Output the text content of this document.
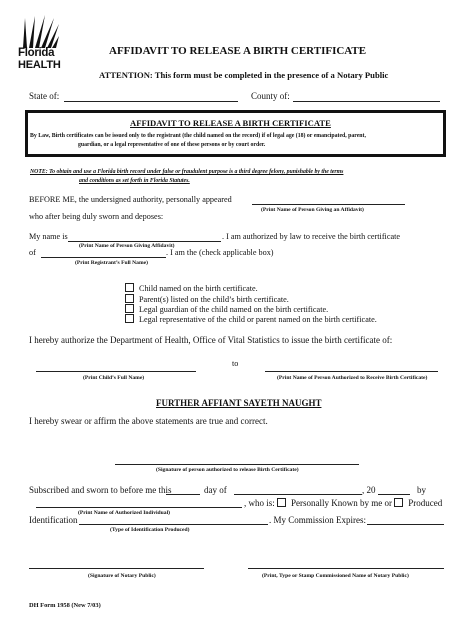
Florida
HEALTH
AFFIDAVIT TO RELEASE A BIRTH CERTIFICATE
ATTENTION: This form must be completed in the presence of a Notary Public
State of:	County of:
AFFIDAVIT TO RELEASE A BIRTH CERTIFICATE
By Law, Birth certificates can be issued only to the registrant (the child named on the record) if of legal age (18) or emancipated, parent,
guardian, or a legal representative of one of these persons or by court order.
NOTE: To obtain and use a Florida birth record under false or fraudulent purpose is a third degree felony, punishable by the terms
and conditions as set forth in Florida Statutes.
BEFORE ME, the undersigned authority, personally appeared
(Print Name of Person Giving an Affidavit)
who after being duly sworn and deposes:
My name is	. I am authorized by law to receive the birth certificate
(Print Name of Person Giving Affidavit)
of	. I am the (check applicable box)
(Print Registrant’s Full Name)
Child named on the birth certificate.
Parent(s) listed on the child’s birth certificate.
Legal guardian of the child named on the birth certificate.
Legal representative of the child or parent named on the birth certificate.
I hereby authorize the Department of Health, Office of Vital Statistics to issue the birth certificate of:
to
(Print Child’s Full Name)	(Print Name of Person Authorized to Receive Birth Certificate)
FURTHER AFFIANT SAYETH NAUGHT
I hereby swear or affirm the above statements are true and correct.
(Signature of person authorized to release Birth Certificate)
Subscribed and sworn to before me this	day of	, 20	by
, who is: Personally Known by me or Produced
(Print Name of Authorized Individual)
Identification	. My Commission Expires:
(Type of Identification Produced)
(Signature of Notary Public)	(Print, Type or Stamp Commissioned Name of Notary Public)
DH Form 1958 (New 7/03)
